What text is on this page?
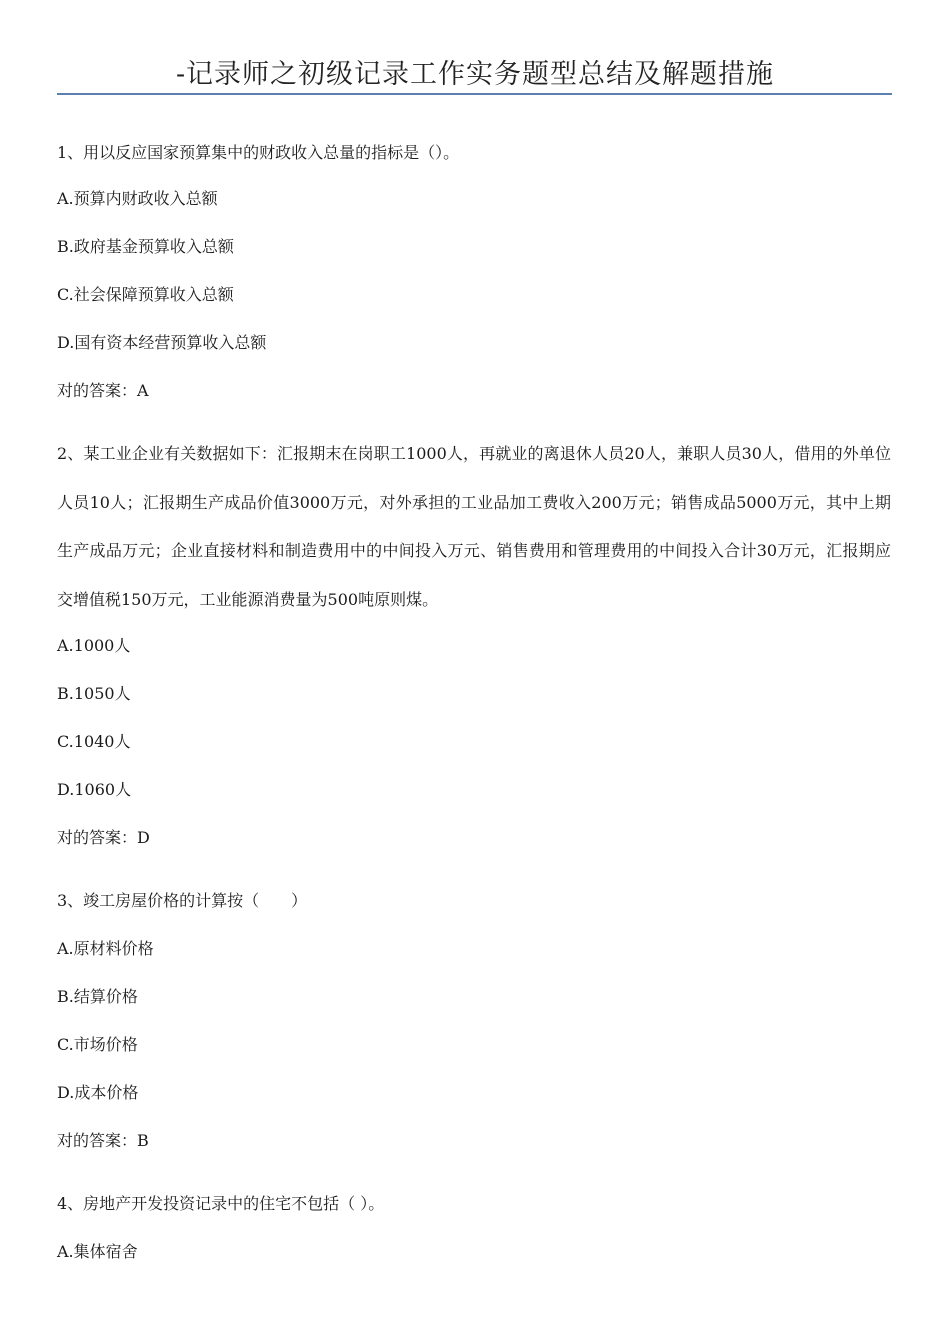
-记录师之初级记录工作实务题型总结及解题措施
1、用以反应国家预算集中的财政收入总量的指标是（）。
A.预算内财政收入总额
B.政府基金预算收入总额
C.社会保障预算收入总额
D.国有资本经营预算收入总额
对的答案：A
2、某工业企业有关数据如下：汇报期末在岗职工1000人，再就业的离退休人员20人，兼职人员30人，借用的外单位人员10人；汇报期生产成品价值3000万元，对外承担的工业品加工费收入200万元；销售成品5000万元，其中上期生产成品万元；企业直接材料和制造费用中的中间投入万元、销售费用和管理费用的中间投入合计30万元，汇报期应交增值税150万元，工业能源消费量为500吨原则煤。
A.1000人
B.1050人
C.1040人
D.1060人
对的答案：D
3、竣工房屋价格的计算按（　　）
A.原材料价格
B.结算价格
C.市场价格
D.成本价格
对的答案：B
4、房地产开发投资记录中的住宅不包括（ ）。
A.集体宿舍
